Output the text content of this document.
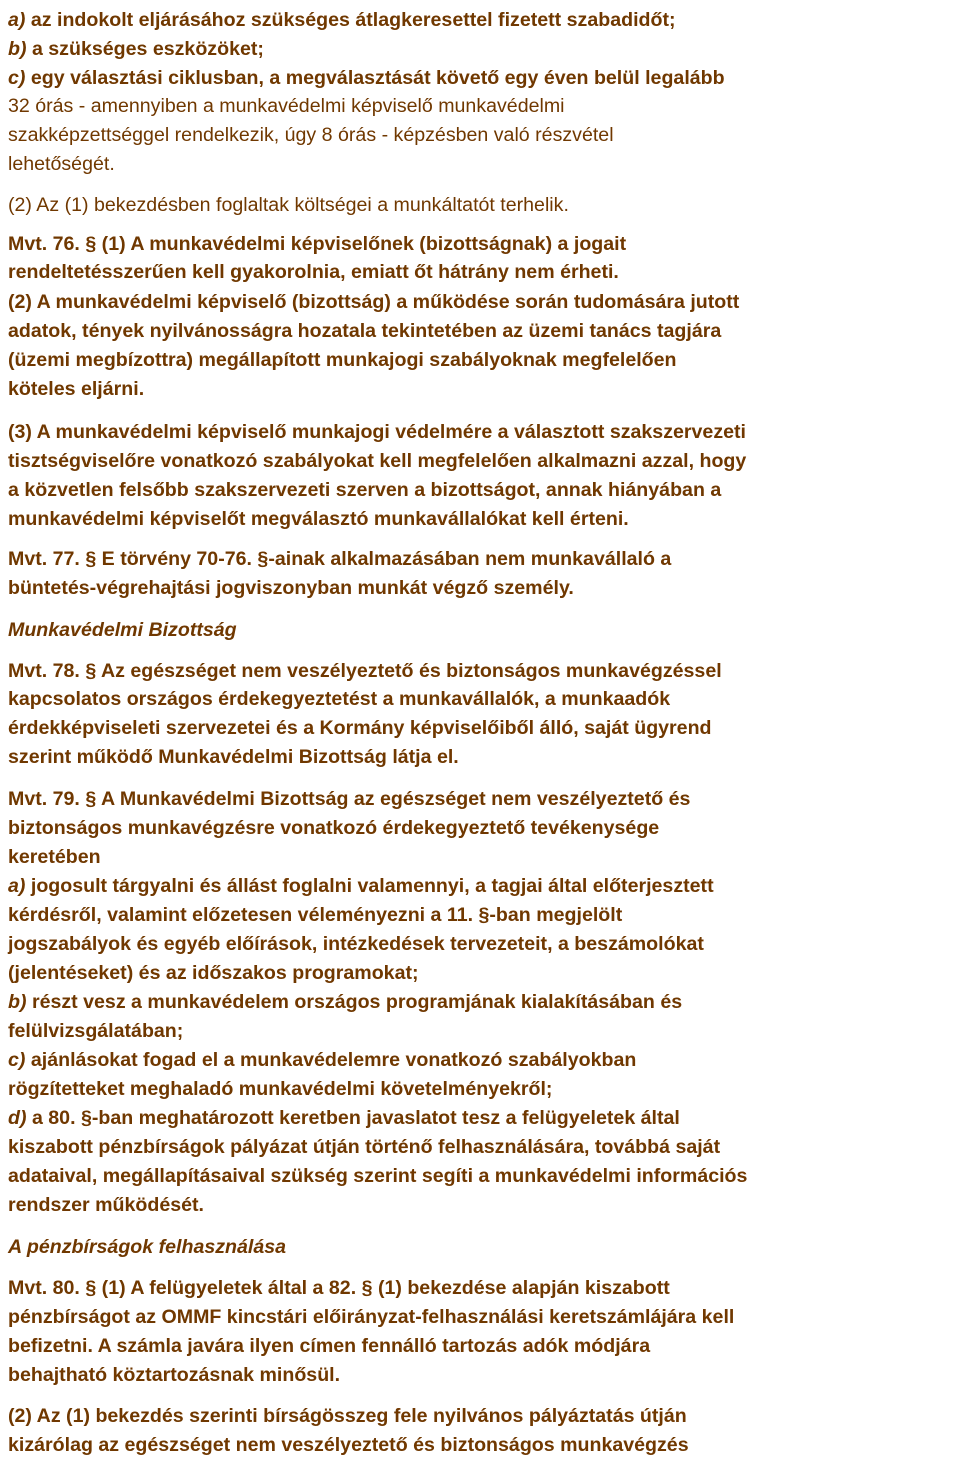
a) az indokolt eljárásához szükséges átlagkeresettel fizetett szabadidőt;
b) a szükséges eszközöket;
c) egy választási ciklusban, a megválasztását követő egy éven belül legalább
32 órás - amennyiben a munkavédelmi képviselő munkavédelmi
szakképzettséggel rendelkezik, úgy 8 órás - képzésben való részvétel
lehetőségét.
(2) Az (1) bekezdésben foglaltak költségei a munkáltatót terhelik.
Mvt. 76. § (1) A munkavédelmi képviselőnek (bizottságnak) a jogait
rendeltetésszerűen kell gyakorolnia, emiatt őt hátrány nem érheti.
(2) A munkavédelmi képviselő (bizottság) a működése során tudomására jutott
adatok, tények nyilvánosságra hozatala tekintetében az üzemi tanács tagjára
(üzemi megbízottra) megállapított munkajogi szabályoknak megfelelően
köteles eljárni.
(3) A munkavédelmi képviselő munkajogi védelmére a választott szakszervezeti
tisztségviselőre vonatkozó szabályokat kell megfelelően alkalmazni azzal, hogy
a közvetlen felsőbb szakszervezeti szerven a bizottságot, annak hiányában a
munkavédelmi képviselőt megválasztó munkavállalókat kell érteni.
Mvt. 77. § E törvény 70-76. §-ainak alkalmazásában nem munkavállaló a
büntetés-végrehajtási jogviszonyban munkát végző személy.
Munkavédelmi Bizottság
Mvt. 78. § Az egészséget nem veszélyeztető és biztonságos munkavégzéssel
kapcsolatos országos érdekegyeztetést a munkavállalók, a munkaadók
érdekképviseleti szervezetei és a Kormány képviselőiből álló, saját ügyrend
szerint működő Munkavédelmi Bizottság látja el.
Mvt. 79. § A Munkavédelmi Bizottság az egészséget nem veszélyeztető és
biztonságos munkavégzésre vonatkozó érdekegyeztető tevékenysége
keretében
a) jogosult tárgyalni és állást foglalni valamennyi, a tagjai által előterjesztett
kérdésről, valamint előzetesen véleményezni a 11. §-ban megjelölt
jogszabályok és egyéb előírások, intézkedések tervezeteit, a beszámolókat
(jelentéseket) és az időszakos programokat;
b) részt vesz a munkavédelem országos programjának kialakításában és
felülvizsgálatában;
c) ajánlásokat fogad el a munkavédelemre vonatkozó szabályokban
rögzítetteket meghaladó munkavédelmi követelményekről;
d) a 80. §-ban meghatározott keretben javaslatot tesz a felügyeletek által
kiszabott pénzbírságok pályázat útján történő felhasználására, továbbá saját
adataival, megállapításaival szükség szerint segíti a munkavédelmi információs
rendszer működését.
A pénzbírságok felhasználása
Mvt. 80. § (1) A felügyeletek által a 82. § (1) bekezdése alapján kiszabott
pénzbírságot az OMMF kincstári előirányzat-felhasználási keretszámlájára kell
befizetni. A számla javára ilyen címen fennálló tartozás adók módjára
behajtható köztartozásnak minősül.
(2) Az (1) bekezdés szerinti bírságösszeg fele nyilvános pályáztatás útján
kizárólag az egészséget nem veszélyeztető és biztonságos munkavégzés
